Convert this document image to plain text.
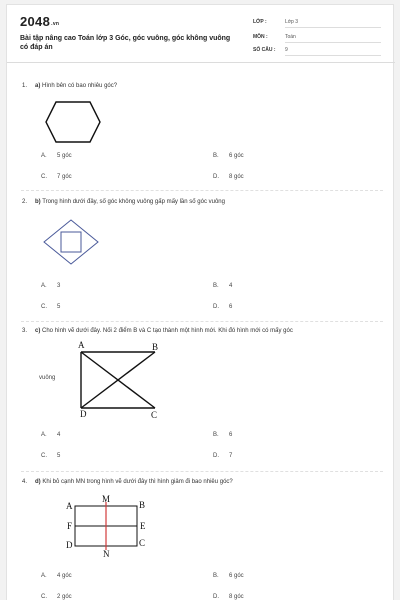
2048.vn
Bài tập nâng cao Toán lớp 3 Góc, góc vuông, góc không vuông có đáp án
LỚP :	Lớp 3
MÔN :	Toán
SỐ CÂU : 9
1. a) Hình bên có bao nhiêu góc?
A. 5 góc	B. 6 góc
C. 7 góc	D. 8 góc
2. b) Trong hình dưới đây, số góc không vuông gấp mấy lần số góc vuông
A. 3	B. 4
C. 5	D. 6
3. c) Cho hình vẽ dưới đây. Nối 2 điểm B và C tạo thành một hình mới. Khi đó hình mới có mấy góc
vuông
A	B
D	C
A. 4	B. 6
C. 5	D. 7
4. d) Khi bỏ cạnh MN trong hình vẽ dưới đây thì hình giảm đi bao nhiêu góc?
A
M
B
F	E
D	C
N
A. 4 góc	B. 6 góc
C. 2 góc	D. 8 góc
